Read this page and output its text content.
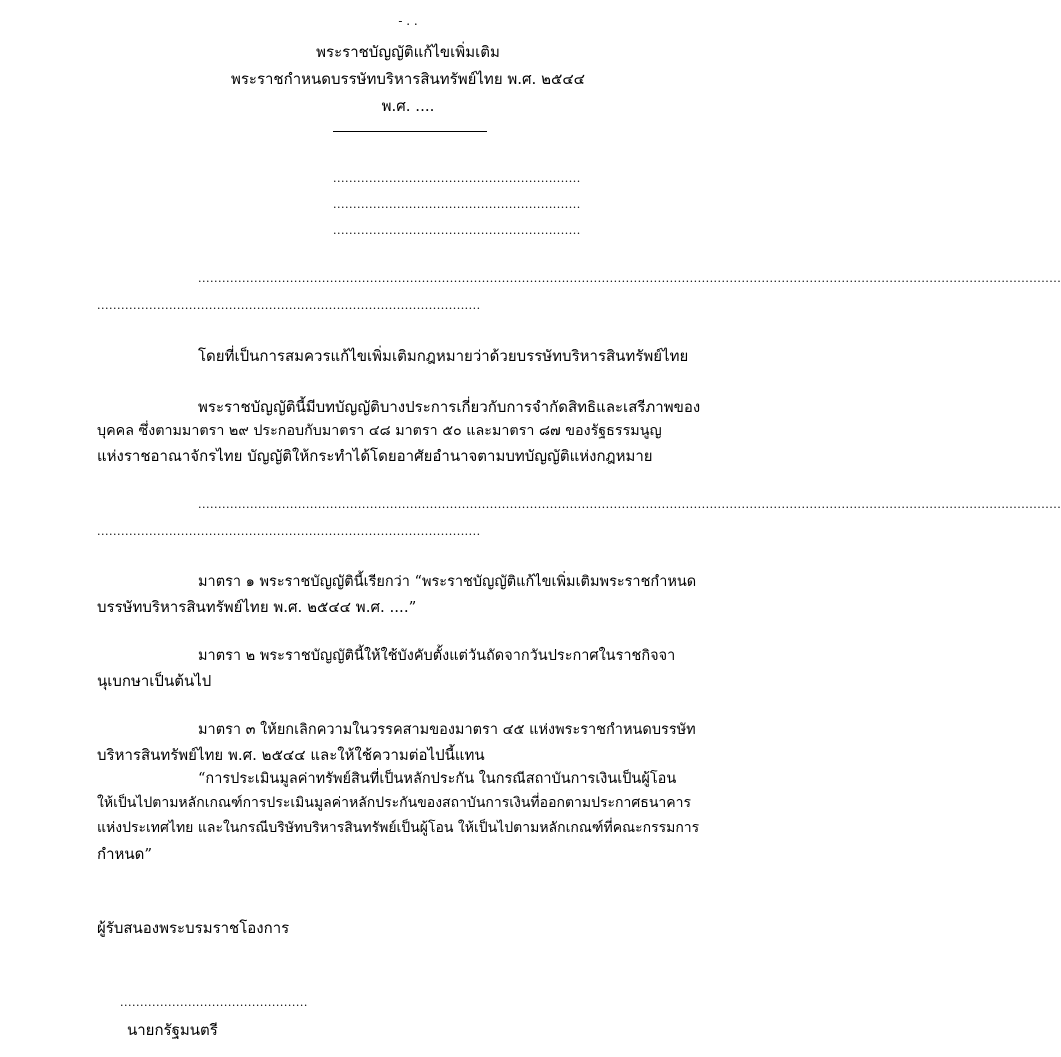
- . .
พระราชบัญญัติแก้ไขเพิ่มเติม
พระราชกำหนดบรรษัทบริหารสินทรัพย์ไทย พ.ศ. ๒๕๔๔
พ.ศ. ....
..............................................................
..............................................................
..............................................................
........................................................................................................................................................................................................................
................................................................................................
โดยที่เป็นการสมควรแก้ไขเพิ่มเติมกฎหมายว่าด้วยบรรษัทบริหารสินทรัพย์ไทย
พระราชบัญญัตินี้มีบทบัญญัติบางประการเกี่ยวกับการจำกัดสิทธิและเสรีภาพของ
บุคคล ซึ่งตามมาตรา ๒๙ ประกอบกับมาตรา ๔๘ มาตรา ๕๐ และมาตรา ๘๗ ของรัฐธรรมนูญ
แห่งราชอาณาจักรไทย บัญญัติให้กระทำได้โดยอาศัยอำนาจตามบทบัญญัติแห่งกฎหมาย
........................................................................................................................................................................................................................
................................................................................................
มาตรา ๑ พระราชบัญญัตินี้เรียกว่า “พระราชบัญญัติแก้ไขเพิ่มเติมพระราชกำหนด
บรรษัทบริหารสินทรัพย์ไทย พ.ศ. ๒๕๔๔ พ.ศ. ....”
มาตรา ๒ พระราชบัญญัตินี้ให้ใช้บังคับตั้งแต่วันถัดจากวันประกาศในราชกิจจา
นุเบกษาเป็นต้นไป
มาตรา ๓ ให้ยกเลิกความในวรรคสามของมาตรา ๔๕ แห่งพระราชกำหนดบรรษัท
บริหารสินทรัพย์ไทย พ.ศ. ๒๕๔๔ และให้ใช้ความต่อไปนี้แทน
“การประเมินมูลค่าทรัพย์สินที่เป็นหลักประกัน ในกรณีสถาบันการเงินเป็นผู้โอน
ให้เป็นไปตามหลักเกณฑ์การประเมินมูลค่าหลักประกันของสถาบันการเงินที่ออกตามประกาศธนาคาร
แห่งประเทศไทย และในกรณีบริษัทบริหารสินทรัพย์เป็นผู้โอน ให้เป็นไปตามหลักเกณฑ์ที่คณะกรรมการ
กำหนด”
ผู้รับสนองพระบรมราชโองการ
...............................................
นายกรัฐมนตรี
